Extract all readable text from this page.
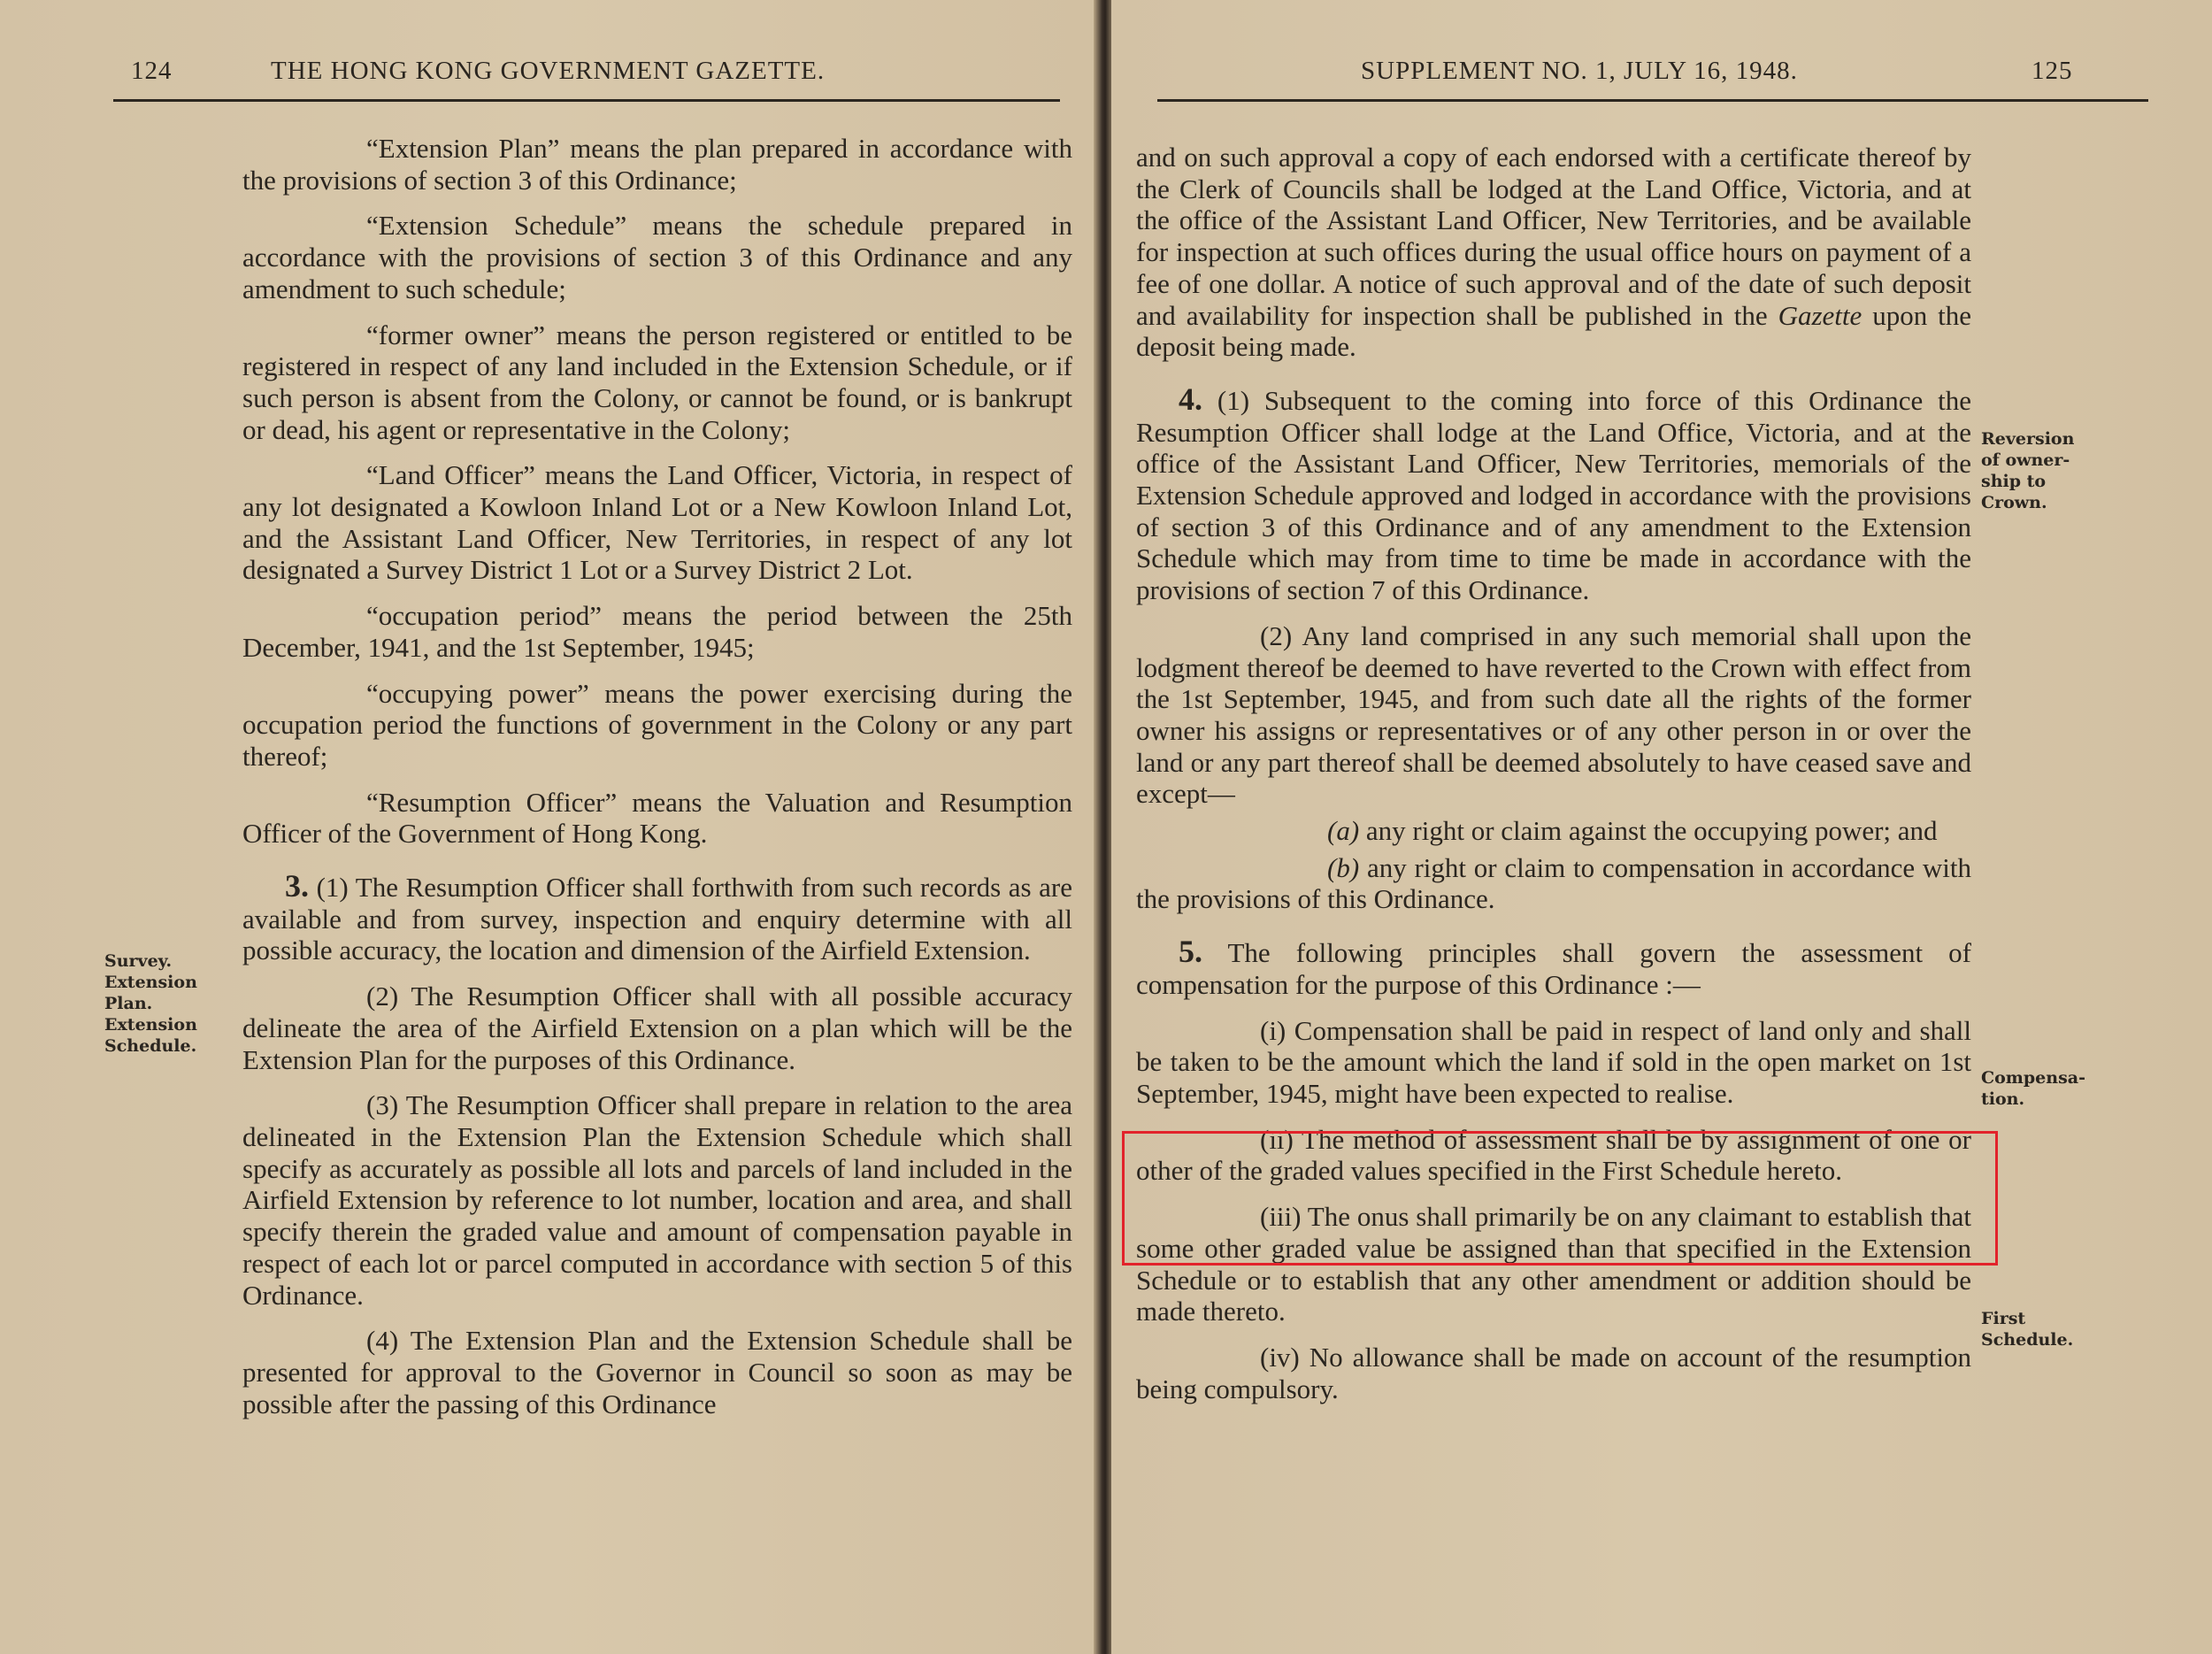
124	THE HONG KONG GOVERNMENT GAZETTE.

“Extension Plan” means the plan prepared in accordance with the provisions of section 3 of this Ordinance;

“Extension Schedule” means the schedule prepared in accordance with the provisions of section 3 of this Ordinance and any amendment to such schedule;

“former owner” means the person registered or entitled to be registered in respect of any land included in the Extension Schedule, or if such person is absent from the Colony, or cannot be found, or is bankrupt or dead, his agent or representative in the Colony;

“Land Officer” means the Land Officer, Victoria, in respect of any lot designated a Kowloon Inland Lot or a New Kowloon Inland Lot, and the Assistant Land Officer, New Territories, in respect of any lot designated a Survey District 1 Lot or a Survey District 2 Lot.

“occupation period” means the period between the 25th December, 1941, and the 1st September, 1945;

“occupying power” means the power exercising during the occupation period the functions of government in the Colony or any part thereof;

“Resumption Officer” means the Valuation and Resumption Officer of the Government of Hong Kong.

3. (1) The Resumption Officer shall forthwith from such records as are available and from survey, inspection and enquiry determine with all possible accuracy, the location and dimension of the Airfield Extension.

(2) The Resumption Officer shall with all possible accuracy delineate the area of the Airfield Extension on a plan which will be the Extension Plan for the purposes of this Ordinance.

(3) The Resumption Officer shall prepare in relation to the area delineated in the Extension Plan the Extension Schedule which shall specify as accurately as possible all lots and parcels of land included in the Airfield Extension by reference to lot number, location and area, and shall specify therein the graded value and amount of compensation payable in respect of each lot or parcel computed in accordance with section 5 of this Ordinance.

(4) The Extension Plan and the Extension Schedule shall be presented for approval to the Governor in Council so soon as may be possible after the passing of this Ordinance

Survey.
Extension
Plan.
Extension
Schedule.
SUPPLEMENT NO. 1, JULY 16, 1948.	125

and on such approval a copy of each endorsed with a certificate thereof by the Clerk of Councils shall be lodged at the Land Office, Victoria, and at the office of the Assistant Land Officer, New Territories, and be available for inspection at such offices during the usual office hours on payment of a fee of one dollar. A notice of such approval and of the date of such deposit and availability for inspection shall be published in the Gazette upon the deposit being made.

4. (1) Subsequent to the coming into force of this Ordinance the Resumption Officer shall lodge at the Land Office, Victoria, and at the office of the Assistant Land Officer, New Territories, memorials of the Extension Schedule approved and lodged in accordance with the provisions of section 3 of this Ordinance and of any amendment to the Extension Schedule which may from time to time be made in accordance with the provisions of section 7 of this Ordinance.

(2) Any land comprised in any such memorial shall upon the lodgment thereof be deemed to have reverted to the Crown with effect from the 1st September, 1945, and from such date all the rights of the former owner his assigns or representatives or of any other person in or over the land or any part thereof shall be deemed absolutely to have ceased save and except—

(a) any right or claim against the occupying power; and

(b) any right or claim to compensation in accordance with the provisions of this Ordinance.

5. The following principles shall govern the assessment of compensation for the purpose of this Ordinance :—

(i) Compensation shall be paid in respect of land only and shall be taken to be the amount which the land if sold in the open market on 1st September, 1945, might have been expected to realise.

(ii) The method of assessment shall be by assignment of one or other of the graded values specified in the First Schedule hereto.

(iii) The onus shall primarily be on any claimant to establish that some other graded value be assigned than that specified in the Extension Schedule or to establish that any other amendment or addition should be made thereto.

(iv) No allowance shall be made on account of the resumption being compulsory.

Reversion
of owner-
ship to
Crown.
Compensa-
tion.
First
Schedule.
